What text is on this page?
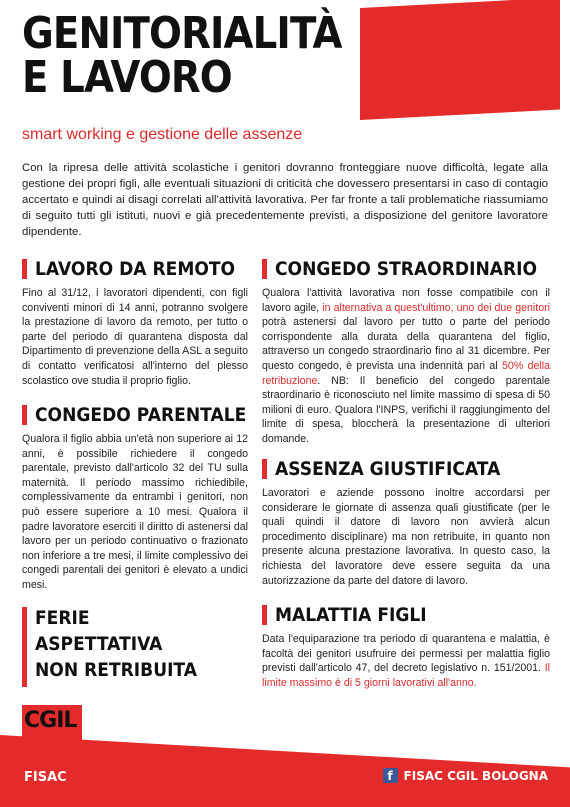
GENITORIALITÀ
E LAVORO
smart working e gestione delle assenze

Con la ripresa delle attività scolastiche i genitori dovranno fronteggiare nuove difficoltà, legate alla gestione dei propri figli, alle eventuali situazioni di criticità che dovessero presentarsi in caso di contagio accertato e quindi ai disagi correlati all'attività lavorativa. Per far fronte a tali problematiche riassumiamo di seguito tutti gli istituti, nuovi e già precedentemente previsti, a disposizione del genitore lavoratore dipendente.

LAVORO DA REMOTO

Fino al 31/12, i lavoratori dipendenti, con figli conviventi minori di 14 anni, potranno svolgere la prestazione di lavoro da remoto, per tutto o parte del periodo di quarantena disposta dal Dipartimento di prevenzione della ASL a seguito di contatto verificatosi all'interno del plesso scolastico ove studia il proprio figlio.

CONGEDO PARENTALE

Qualora il figlio abbia un'età non superiore ai 12 anni, è possibile richiedere il congedo parentale, previsto dall'articolo 32 del TU sulla maternità. Il periodo massimo richiedibile, complessivamente da entrambi i genitori, non può essere superiore a 10 mesi. Qualora il padre lavoratore eserciti il diritto di astenersi dal lavoro per un periodo continuativo o frazionato non inferiore a tre mesi, il limite complessivo dei congedi parentali dei genitori è elevato a undici mesi.

FERIE
ASPETTATIVA
NON RETRIBUITA
CONGEDO STRAORDINARIO

Qualora l'attività lavorativa non fosse compatibile con il lavoro agile, in alternativa a quest'ultimo, uno dei due genitori potrà astenersi dal lavoro per tutto o parte del periodo corrispondente alla durata della quarantena del figlio, attraverso un congedo straordinario fino al 31 dicembre. Per questo congedo, è prevista una indennità pari al 50% della retribuzione. NB: Il beneficio del congedo parentale straordinario è riconosciuto nel limite massimo di spesa di 50 milioni di euro. Qualora l'INPS, verifichi il raggiungimento del limite di spesa, bloccherà la presentazione di ulteriori domande.

ASSENZA GIUSTIFICATA

Lavoratori e aziende possono inoltre accordarsi per considerare le giornate di assenza quali giustificate (per le quali quindi il datore di lavoro non avvierà alcun procedimento disciplinare) ma non retribuite, in quanto non presente alcuna prestazione lavorativa. In questo caso, la richiesta del lavoratore deve essere seguita da una autorizzazione da parte del datore di lavoro.

MALATTIA FIGLI

Data l'equiparazione tra periodo di quarantena e malattia, è facoltà dei genitori usufruire dei permessi per malattia figlio previsti dall'articolo 47, del decreto legislativo n. 151/2001. Il limite massimo è di 5 giorni lavorativi all'anno.

CGIL
FISAC	f FISAC CGIL BOLOGNA
